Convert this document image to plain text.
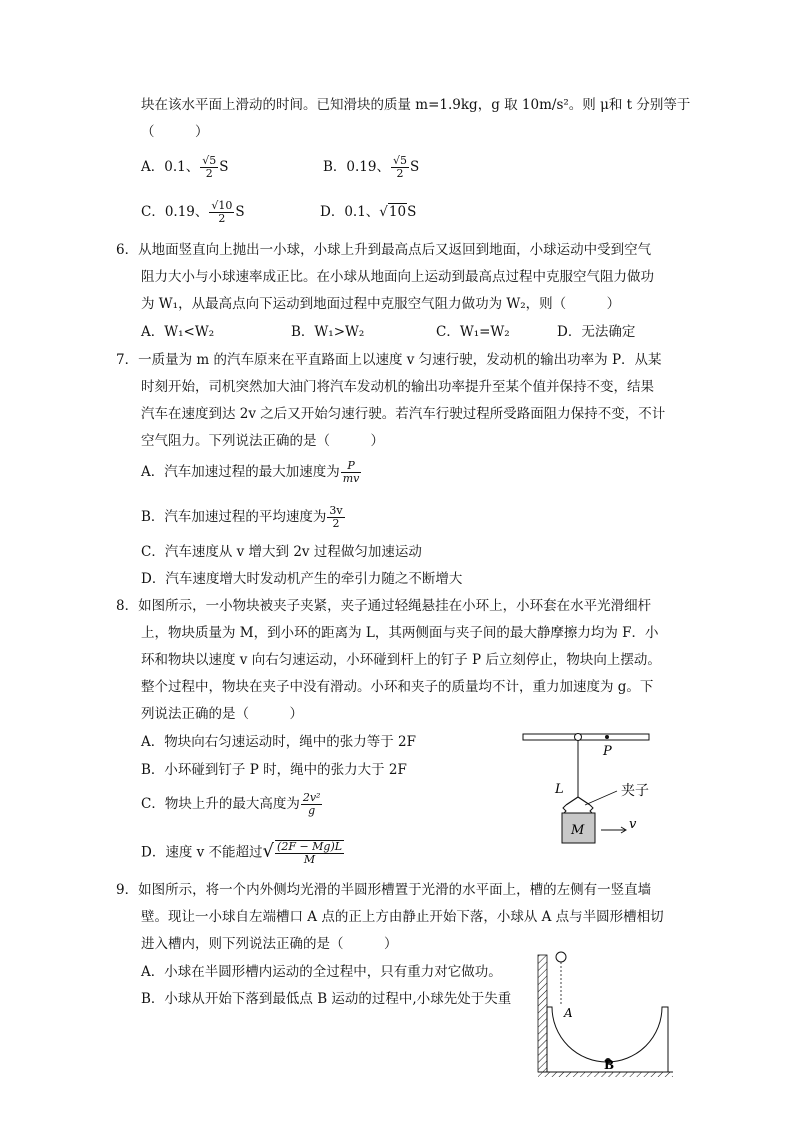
块在该水平面上滑动的时间。已知滑块的质量 m=1.9kg，g 取 10m/s²。则 μ和 t 分别等于
（　　　）
A．0.1、 $\frac{√5}{2}$ S	B．0.19、 $\frac{√5}{2}$ S
C．0.19、 $\frac{√10}{2}$ S	D．0.1、√10S
6．从地面竖直向上抛出一小球，小球上升到最高点后又返回到地面，小球运动中受到空气
阻力大小与小球速率成正比。在小球从地面向上运动到最高点过程中克服空气阻力做功
为 W₁，从最高点向下运动到地面过程中克服空气阻力做功为 W₂，则（　　　）
A．W₁<W₂	B．W₁>W₂	C．W₁=W₂	D．无法确定
7．一质量为 m 的汽车原来在平直路面上以速度 v 匀速行驶，发动机的输出功率为 P．从某
时刻开始，司机突然加大油门将汽车发动机的输出功率提升至某个值并保持不变，结果
汽车在速度到达 2v 之后又开始匀速行驶。若汽车行驶过程所受路面阻力保持不变，不计
空气阻力。下列说法正确的是（　　　）
A．汽车加速过程的最大加速度为 $\frac{P}{mv}$
B．汽车加速过程的平均速度为 $\frac{3v}{2}$
C．汽车速度从 v 增大到 2v 过程做匀加速运动
D．汽车速度增大时发动机产生的牵引力随之不断增大
8．如图所示，一小物块被夹子夹紧，夹子通过轻绳悬挂在小环上，小环套在水平光滑细杆
上，物块质量为 M，到小环的距离为 L，其两侧面与夹子间的最大静摩擦力均为 F．小
环和物块以速度 v 向右匀速运动，小环碰到杆上的钉子 P 后立刻停止，物块向上摆动。
整个过程中，物块在夹子中没有滑动。小环和夹子的质量均不计，重力加速度为 g。下
列说法正确的是（　　　）
A．物块向右匀速运动时，绳中的张力等于 2F
B．小环碰到钉子 P 时，绳中的张力大于 2F
C．物块上升的最大高度为 $\frac{\text{2v²}}{g}$
D．速度 v 不能超过√ $\frac{(2F - Mg)L}{M}$
P
L	夹子
M	v
9．如图所示，将一个内外侧均光滑的半圆形槽置于光滑的水平面上，槽的左侧有一竖直墙
壁。现让一小球自左端槽口 A 点的正上方由静止开始下落，小球从 A 点与半圆形槽相切
进入槽内，则下列说法正确的是（　　　）
A．小球在半圆形槽内运动的全过程中，只有重力对它做功。
B．小球从开始下落到最低点 B 运动的过程中,小球先处于失重
A
B
